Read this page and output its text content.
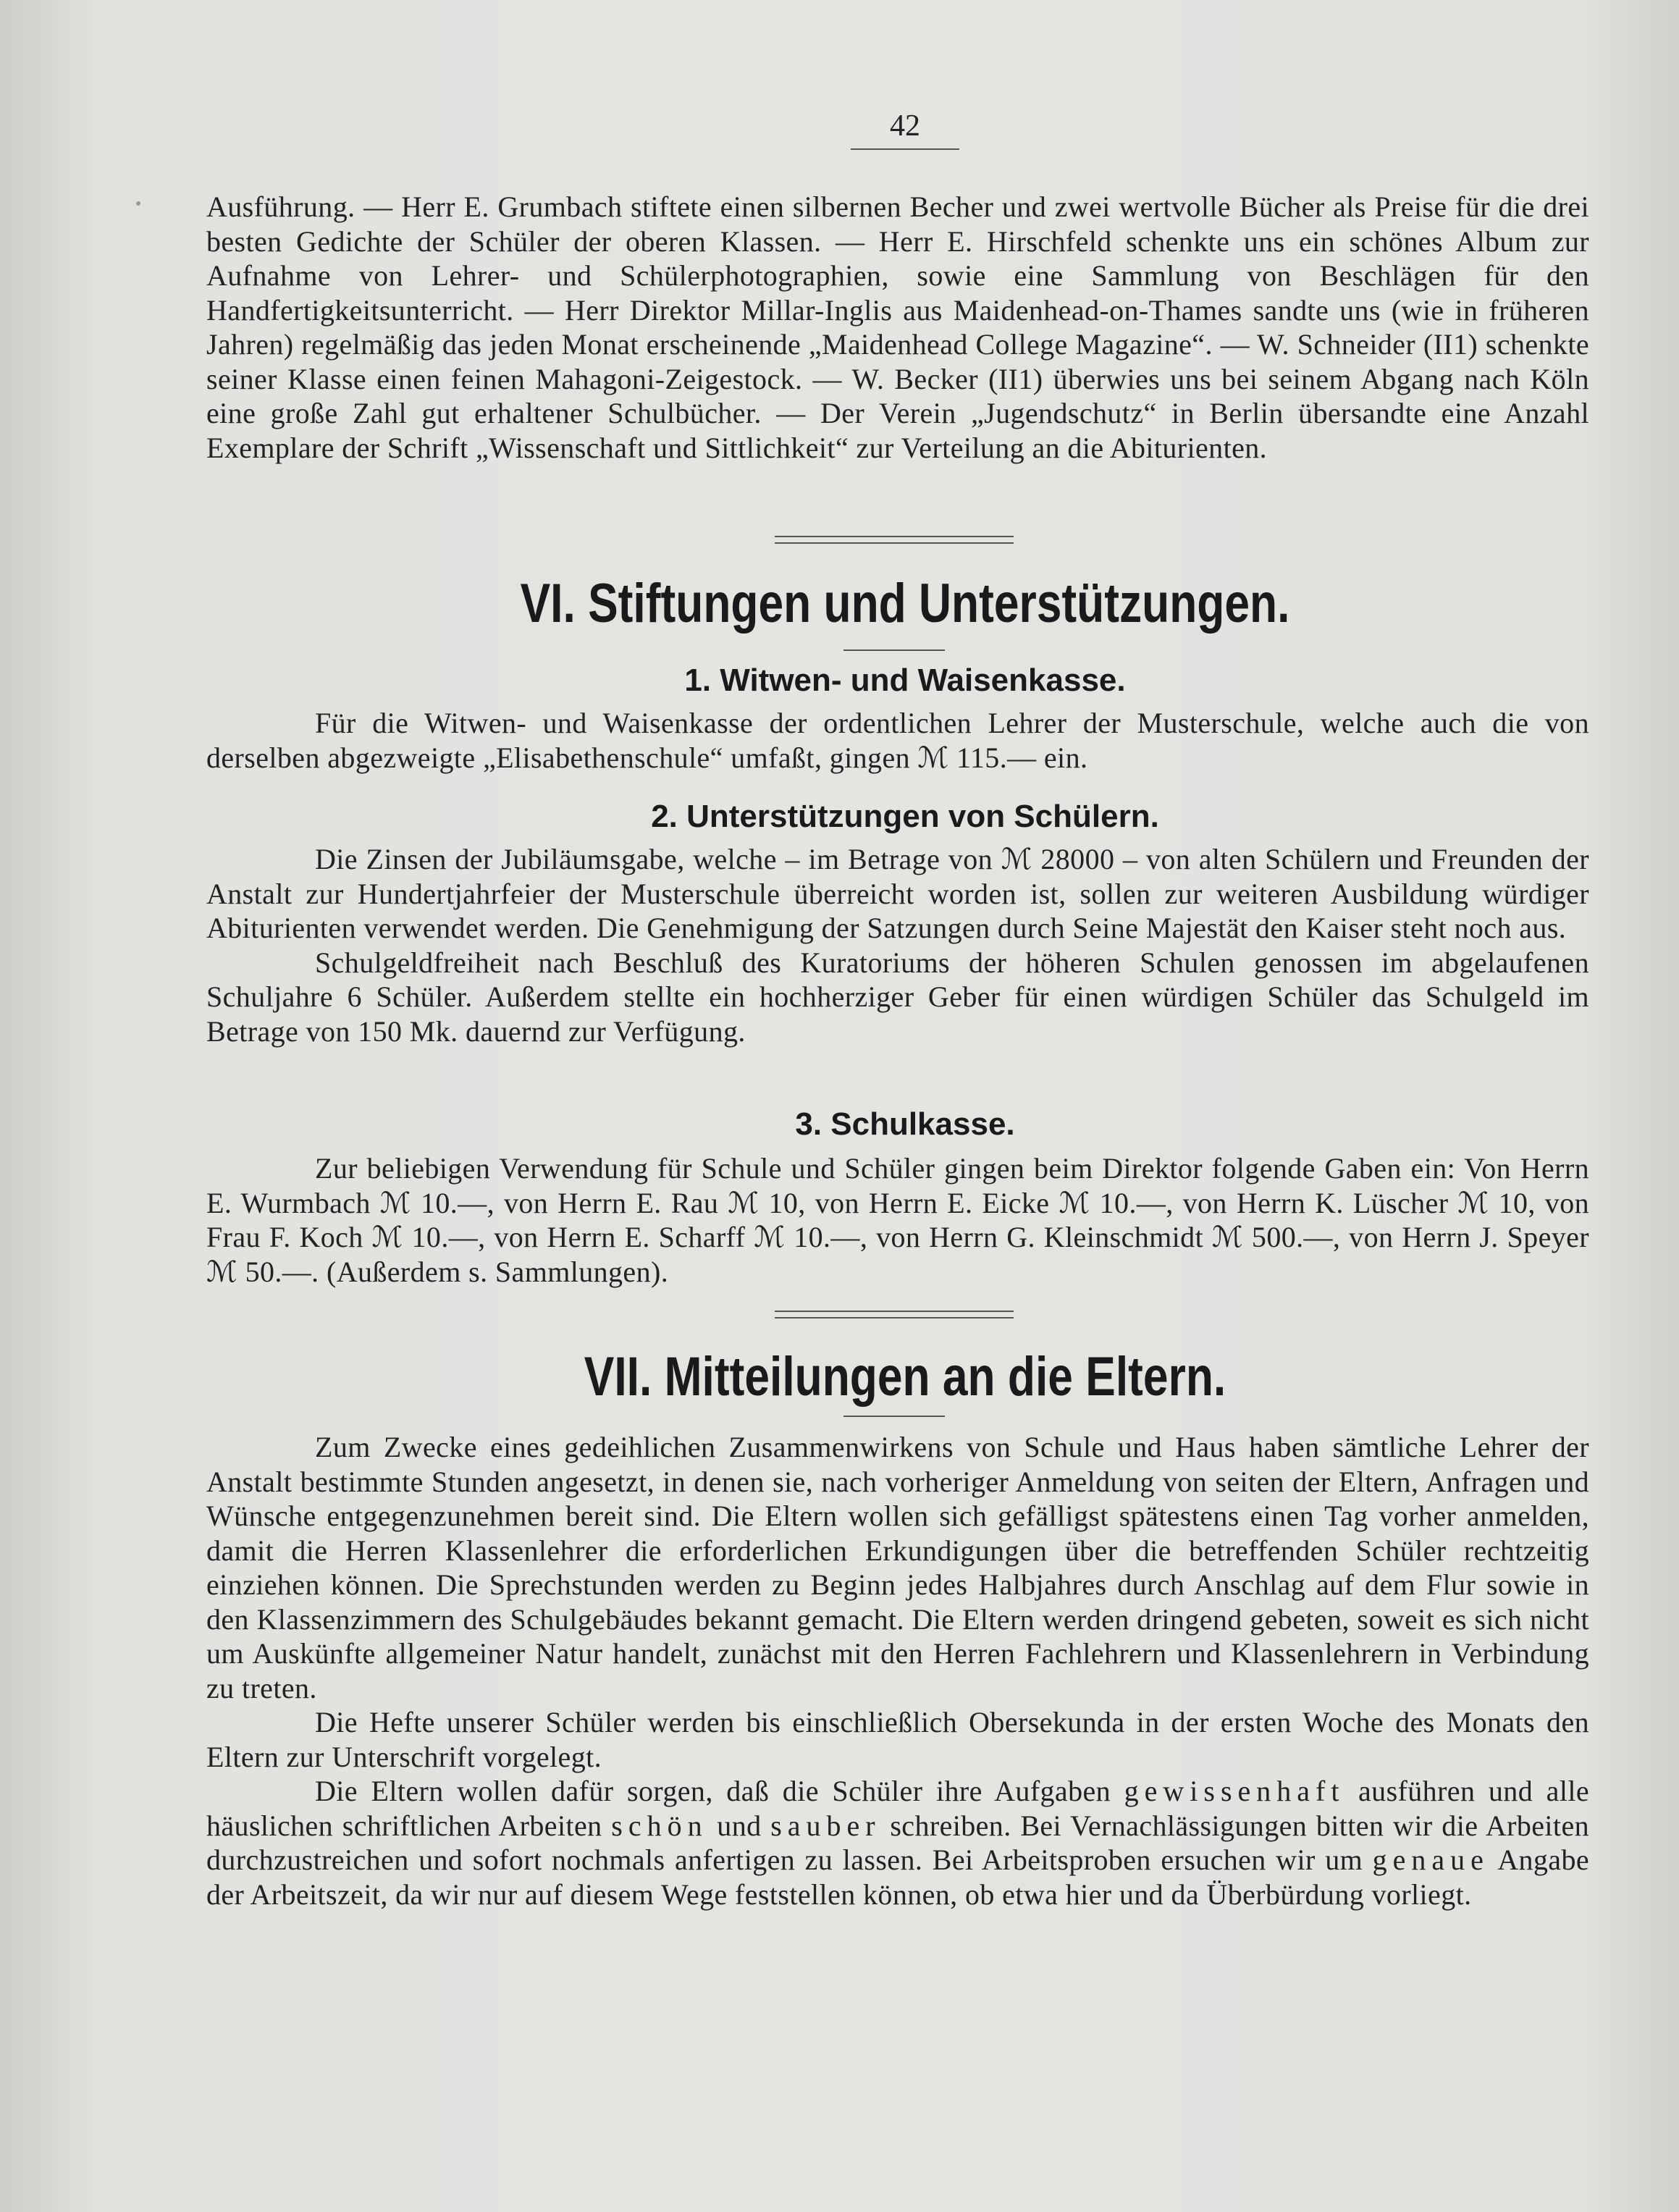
42

Ausführung. — Herr E. Grumbach stiftete einen silbernen Becher und zwei wertvolle Bücher als Preise für die drei besten Gedichte der Schüler der oberen Klassen. — Herr E. Hirschfeld schenkte uns ein schönes Album zur Aufnahme von Lehrer- und Schülerphotographien, sowie eine Sammlung von Beschlägen für den Handfertigkeitsunterricht. — Herr Direktor Millar-Inglis aus Maidenhead-on-Thames sandte uns (wie in früheren Jahren) regelmäßig das jeden Monat erscheinende „Maidenhead College Magazine“. — W. Schneider (II1) schenkte seiner Klasse einen feinen Mahagoni-Zeigestock. — W. Becker (II1) überwies uns bei seinem Abgang nach Köln eine große Zahl gut erhaltener Schulbücher. — Der Verein „Jugendschutz“ in Berlin übersandte eine Anzahl Exemplare der Schrift „Wissenschaft und Sittlichkeit“ zur Verteilung an die Abiturienten.

VI. Stiftungen und Unterstützungen.
1. Witwen- und Waisenkasse.

Für die Witwen- und Waisenkasse der ordentlichen Lehrer der Musterschule, welche auch die von derselben abgezweigte „Elisabethenschule“ umfaßt, gingen ℳ 115.— ein.

2. Unterstützungen von Schülern.

Die Zinsen der Jubiläumsgabe, welche – im Betrage von ℳ 28000 – von alten Schülern und Freunden der Anstalt zur Hundertjahrfeier der Musterschule überreicht worden ist, sollen zur weiteren Ausbildung würdiger Abiturienten verwendet werden. Die Genehmigung der Satzungen durch Seine Majestät den Kaiser steht noch aus.

Schulgeldfreiheit nach Beschluß des Kuratoriums der höheren Schulen genossen im abgelaufenen Schuljahre 6 Schüler. Außerdem stellte ein hochherziger Geber für einen würdigen Schüler das Schulgeld im Betrage von 150 Mk. dauernd zur Verfügung.

3. Schulkasse.

Zur beliebigen Verwendung für Schule und Schüler gingen beim Direktor folgende Gaben ein: Von Herrn E. Wurmbach ℳ 10.—, von Herrn E. Rau ℳ 10, von Herrn E. Eicke ℳ 10.—, von Herrn K. Lüscher ℳ 10, von Frau F. Koch ℳ 10.—, von Herrn E. Scharff ℳ 10.—, von Herrn G. Kleinschmidt ℳ 500.—, von Herrn J. Speyer ℳ 50.—. (Außerdem s. Sammlungen).

VII. Mitteilungen an die Eltern.

Zum Zwecke eines gedeihlichen Zusammenwirkens von Schule und Haus haben sämtliche Lehrer der Anstalt bestimmte Stunden angesetzt, in denen sie, nach vorheriger Anmeldung von seiten der Eltern, Anfragen und Wünsche entgegenzunehmen bereit sind. Die Eltern wollen sich gefälligst spätestens einen Tag vorher anmelden, damit die Herren Klassenlehrer die erforderlichen Erkundigungen über die betreffenden Schüler rechtzeitig einziehen können. Die Sprechstunden werden zu Beginn jedes Halbjahres durch Anschlag auf dem Flur sowie in den Klassenzimmern des Schulgebäudes bekannt gemacht. Die Eltern werden dringend gebeten, soweit es sich nicht um Auskünfte allgemeiner Natur handelt, zunächst mit den Herren Fachlehrern und Klassenlehrern in Verbindung zu treten.

Die Hefte unserer Schüler werden bis einschließlich Obersekunda in der ersten Woche des Monats den Eltern zur Unterschrift vorgelegt.

Die Eltern wollen dafür sorgen, daß die Schüler ihre Aufgaben gewissenhaft ausführen und alle häuslichen schriftlichen Arbeiten schön und sauber schreiben. Bei Vernachlässigungen bitten wir die Arbeiten durchzustreichen und sofort nochmals anfertigen zu lassen. Bei Arbeitsproben ersuchen wir um genaue Angabe der Arbeitszeit, da wir nur auf diesem Wege feststellen können, ob etwa hier und da Überbürdung vorliegt.
